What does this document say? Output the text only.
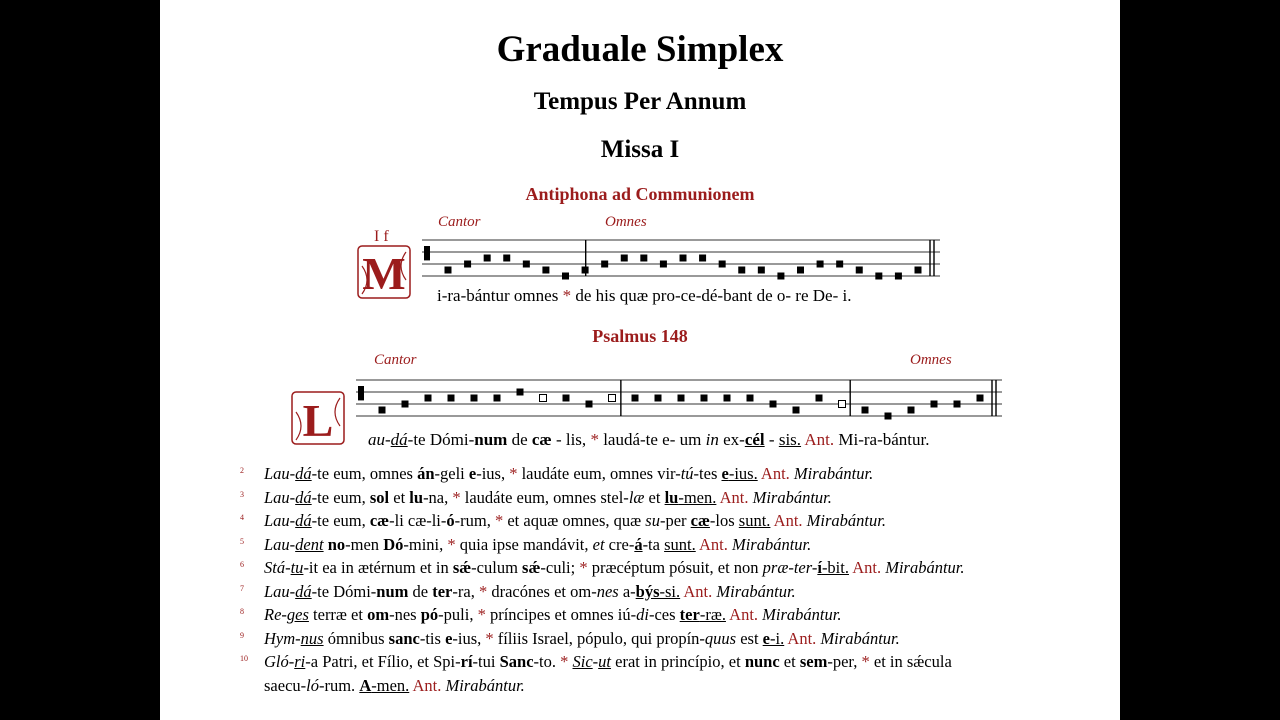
Graduale Simplex
Tempus Per Annum
Missa I
Antiphona ad Communionem
I f
Cantor	Omnes
M i-ra-bántur omnes * de his quæ pro-ce-dé-bant de o- re De- i.
Psalmus 148
Cantor	Omnes
L au-dá-te Dómi-num de cæ - lis, * laudá-te e- um in ex-cél - sis. Ant. Mi-ra-bántur.
2 Lau-dá-te eum, omnes án-geli e-ius, * laudáte eum, omnes vir-tú-tes e-ius. Ant. Mirabántur.
3 Lau-dá-te eum, sol et lu-na, * laudáte eum, omnes stel-læ et lu-men. Ant. Mirabántur.
4 Lau-dá-te eum, cæ-li cæ-li-ó-rum, * et aquæ omnes, quæ su-per cæ-los sunt. Ant. Mirabántur.
5 Lau-dent no-men Dó-mini, * quia ipse mandávit, et cre-á-ta sunt. Ant. Mirabántur.
6 Stá-tu-it ea in ætérnum et in sǽ-culum sǽ-culi; * præcéptum pósuit, et non præ-ter-í-bit. Ant. Mirabántur.
7 Lau-dá-te Dómi-num de ter-ra, * dracónes et om-nes a-býs-si. Ant. Mirabántur.
8 Re-ges terræ et om-nes pó-puli, * príncipes et omnes iú-di-ces ter-ræ. Ant. Mirabántur.
9 Hym-nus ómnibus sanc-tis e-ius, * fíliis Israel, pópulo, qui propín-quus est e-i. Ant. Mirabántur.
10 Gló-ri-a Patri, et Fílio, et Spi-rí-tui Sanc-to. * Sic-ut erat in princípio, et nunc et sem-per, * et in sǽcula
saecu-ló-rum. A-men. Ant. Mirabántur.
